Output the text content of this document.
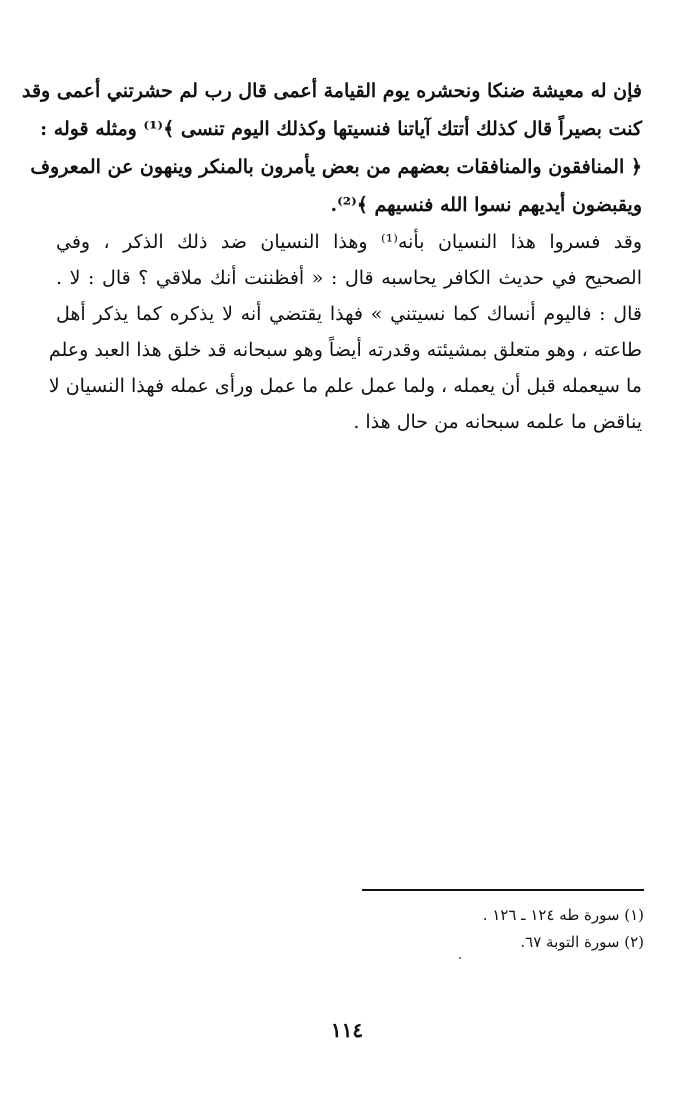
فإن له معيشة ضنكا ونحشره يوم القيامة أعمى قال رب لم حشرتني أعمى وقد
كنت بصيراً قال كذلك أتتك آياتنا فنسيتها وكذلك اليوم تنسى ﴾⁽¹⁾ ومثله قوله :
﴿ المنافقون والمنافقات بعضهم من بعض يأمرون بالمنكر وينهون عن المعروف
ويقبضون أيديهم نسوا الله فنسيهم ﴾⁽²⁾.
وقد فسروا هذا النسيان بأنه⁽¹⁾ وهذا النسيان ضد ذلك الذكر ، وفي
الصحيح في حديث الكافر يحاسبه قال : « أفظننت أنك ملاقي ؟ قال : لا .
قال : فاليوم أنساك كما نسيتني » فهذا يقتضي أنه لا يذكره كما يذكر أهل
طاعته ، وهو متعلق بمشيئته وقدرته أيضاً وهو سبحانه قد خلق هذا العبد وعلم
ما سيعمله قبل أن يعمله ، ولما عمل علم ما عمل ورأى عمله فهذا النسيان لا
يناقض ما علمه سبحانه من حال هذا .
(١) سورة طه ١٢٤ ـ ١٢٦ .
(٢) سورة التوبة ٦٧.
١١٤
